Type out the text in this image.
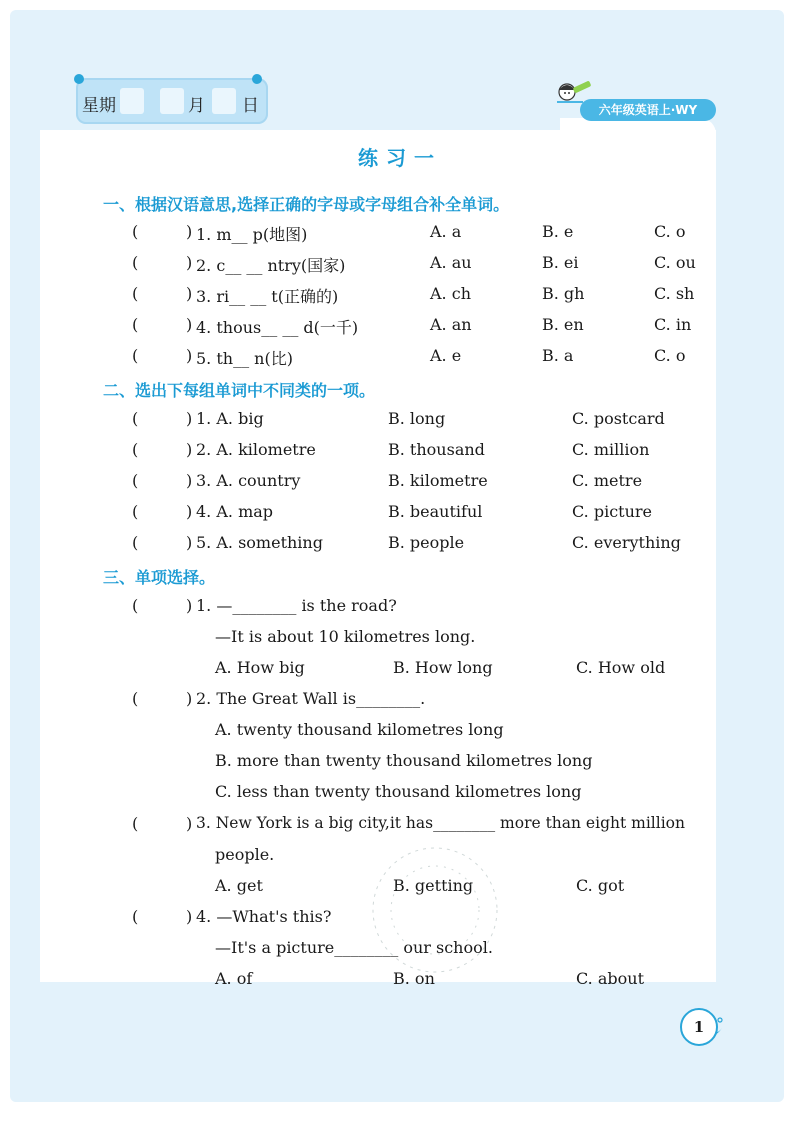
星期	月 日	六年级英语上·WY
练习一
一、根据汉语意思,选择正确的字母或字母组合补全单词。
(	) 1. m__ p(地图)	A. a	B. e	C. o
(	) 2. c__ __ ntry(国家)	A. au	B. ei	C. ou
(	) 3. ri__ __ t(正确的)	A. ch	B. gh	C. sh
(	) 4. thous__ __ d(一千)	A. an	B. en	C. in
(	) 5. th__ n(比)	A. e	B. a	C. o
二、选出下每组单词中不同类的一项。
(	) 1. A. big	B. long	C. postcard
(	) 2. A. kilometre	B. thousand	C. million
(	) 3. A. country	B. kilometre	C. metre
(	) 4. A. map	B. beautiful	C. picture
(	) 5. A. something	B. people	C. everything
三、单项选择。
(	) 1. —________ is the road?
—It is about 10 kilometres long.
A. How big	B. How long	C. How old
(	) 2. The Great Wall is________.
A. twenty thousand kilometres long
B. more than twenty thousand kilometres long
C. less than twenty thousand kilometres long
(	) 3. New York is a big city,it has________ more than eight million
people.
A. get	B. getting	C. got
(	) 4. —What's this?
—It's a picture________ our school.
A. of	B. on	C. about
1
